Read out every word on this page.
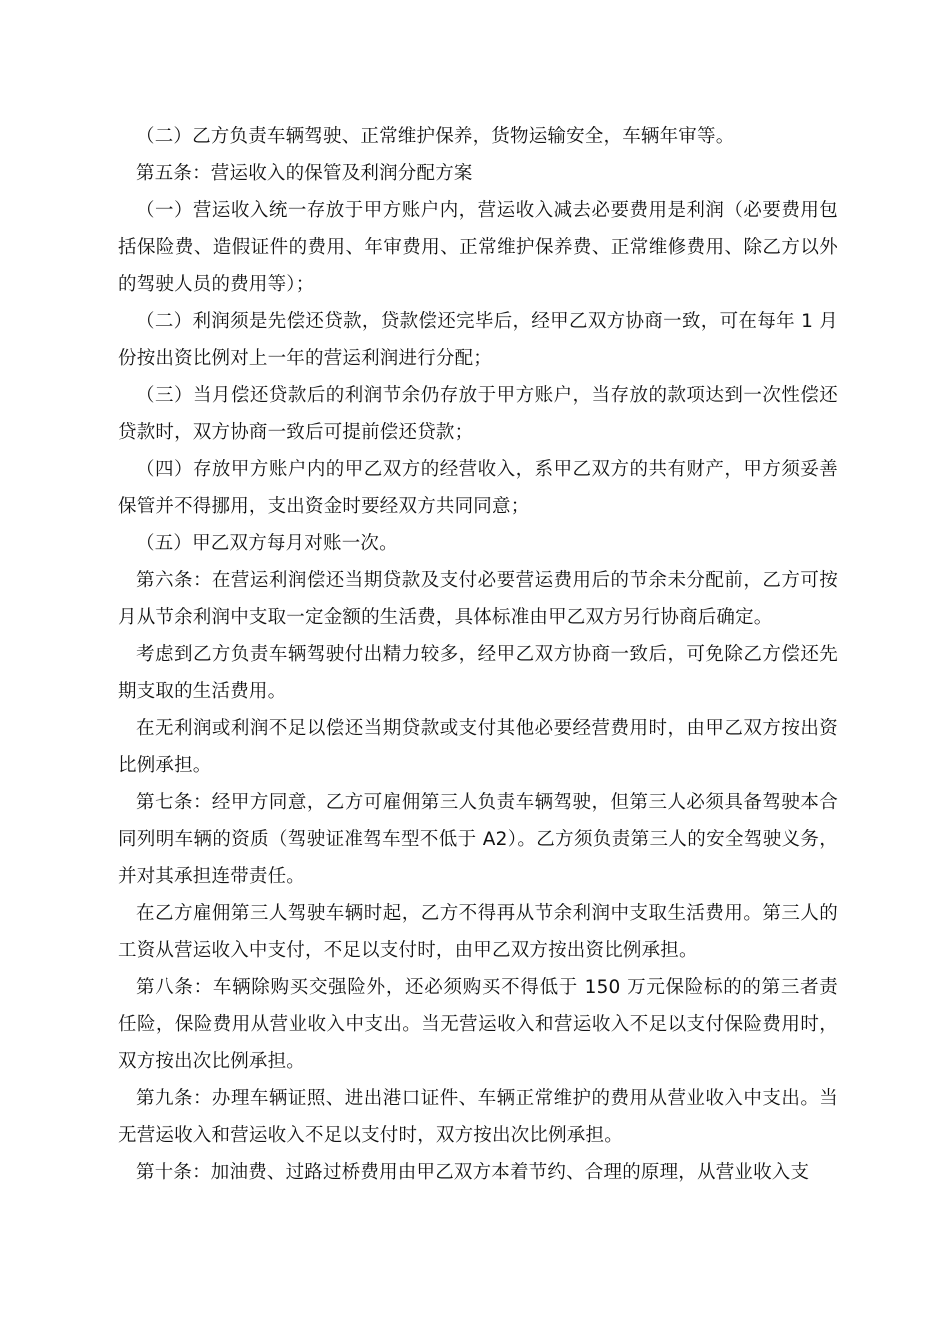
（二）乙方负责车辆驾驶、正常维护保养，货物运输安全，车辆年审等。

第五条：营运收入的保管及利润分配方案

（一）营运收入统一存放于甲方账户内，营运收入减去必要费用是利润（必要费用包括保险费、造假证件的费用、年审费用、正常维护保养费、正常维修费用、除乙方以外的驾驶人员的费用等）；

（二）利润须是先偿还贷款，贷款偿还完毕后，经甲乙双方协商一致，可在每年 1 月份按出资比例对上一年的营运利润进行分配；

（三）当月偿还贷款后的利润节余仍存放于甲方账户，当存放的款项达到一次性偿还贷款时，双方协商一致后可提前偿还贷款；

（四）存放甲方账户内的甲乙双方的经营收入，系甲乙双方的共有财产，甲方须妥善保管并不得挪用，支出资金时要经双方共同同意；

（五）甲乙双方每月对账一次。

第六条：在营运利润偿还当期贷款及支付必要营运费用后的节余未分配前，乙方可按月从节余利润中支取一定金额的生活费，具体标准由甲乙双方另行协商后确定。

考虑到乙方负责车辆驾驶付出精力较多，经甲乙双方协商一致后，可免除乙方偿还先期支取的生活费用。

在无利润或利润不足以偿还当期贷款或支付其他必要经营费用时，由甲乙双方按出资比例承担。

第七条：经甲方同意，乙方可雇佣第三人负责车辆驾驶，但第三人必须具备驾驶本合同列明车辆的资质（驾驶证准驾车型不低于 A2）。乙方须负责第三人的安全驾驶义务，并对其承担连带责任。

在乙方雇佣第三人驾驶车辆时起，乙方不得再从节余利润中支取生活费用。第三人的工资从营运收入中支付，不足以支付时，由甲乙双方按出资比例承担。

第八条：车辆除购买交强险外，还必须购买不得低于 150 万元保险标的的第三者责任险，保险费用从营业收入中支出。当无营运收入和营运收入不足以支付保险费用时，双方按出次比例承担。

第九条：办理车辆证照、进出港口证件、车辆正常维护的费用从营业收入中支出。当无营运收入和营运收入不足以支付时，双方按出次比例承担。

第十条：加油费、过路过桥费用由甲乙双方本着节约、合理的原理，从营业收入支
